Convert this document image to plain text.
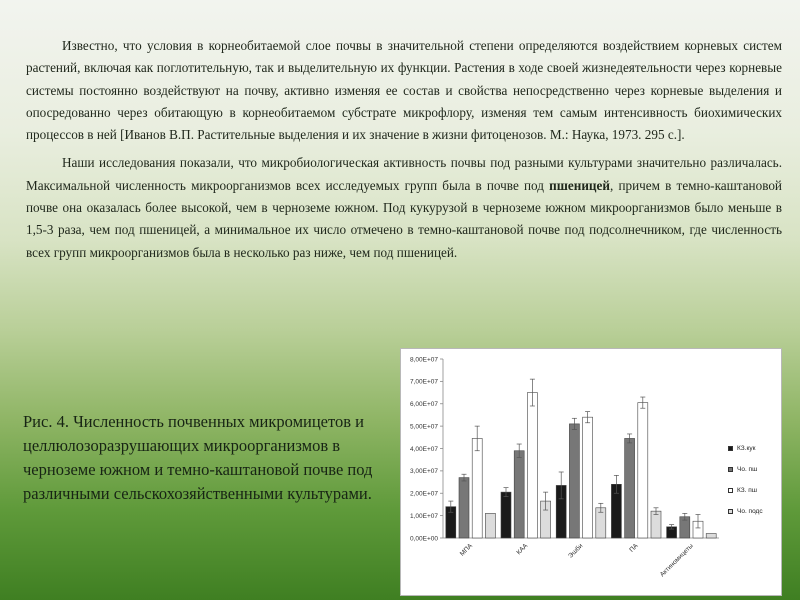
Известно, что условия в корнеобитаемой слое почвы в значительной степени определяются воздействием корневых систем растений, включая как поглотительную, так и выделительную их функции. Растения в ходе своей жизнедеятельности через корневые системы постоянно воздействуют на почву, активно изменяя ее состав и свойства непосредственно через корневые выделения и опосредованно через обитающую в корнеобитаемом субстрате микрофлору, изменяя тем самым интенсивность биохимических процессов в ней [Иванов В.П. Растительные выделения и их значение в жизни фитоценозов. М.: Наука, 1973. 295 с.].

Наши исследования показали, что микробиологическая активность почвы под разными культурами значительно различалась. Максимальной численность микроорганизмов всех исследуемых групп была в почве под пшеницей, причем в темно-каштановой почве она оказалась более высокой, чем в черноземе южном. Под кукурузой в черноземе южном микроорганизмов было меньше в 1,5-3 раза, чем под пшеницей, а минимальное их число отмечено в темно-каштановой почве под подсолнечником, где численность всех групп микроорганизмов была в несколько раз ниже, чем под пшеницей.

Рис. 4. Численность почвенных микромицетов и целлюлозоразрушающих микроорганизмов в черноземе южном и темно-каштановой почве под различными сельскохозяйственными культурами.
0,00E+00
1,00E+07
2,00E+07
3,00E+07
4,00E+07
5,00E+07
6,00E+07
7,00E+07
8,00E+07
МПА	КАА	Эшби	ПА	Актиномицеты
КЗ.кук
Чо. пш
КЗ. пш
Чо. подс
